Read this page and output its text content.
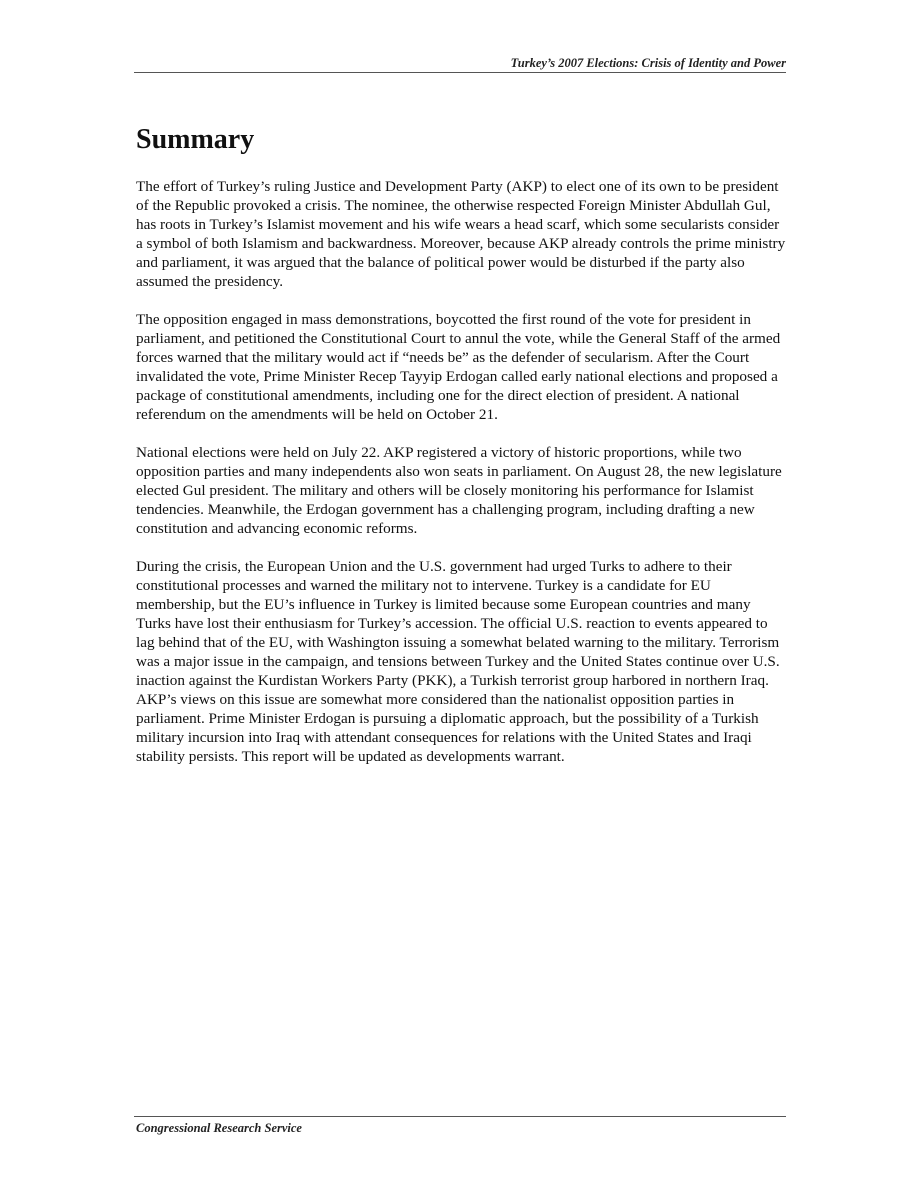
Turkey’s 2007 Elections: Crisis of Identity and Power
Summary

The effort of Turkey’s ruling Justice and Development Party (AKP) to elect one of its own to be president of the Republic provoked a crisis. The nominee, the otherwise respected Foreign Minister Abdullah Gul, has roots in Turkey’s Islamist movement and his wife wears a head scarf, which some secularists consider a symbol of both Islamism and backwardness. Moreover, because AKP already controls the prime ministry and parliament, it was argued that the balance of political power would be disturbed if the party also assumed the presidency.

The opposition engaged in mass demonstrations, boycotted the first round of the vote for president in parliament, and petitioned the Constitutional Court to annul the vote, while the General Staff of the armed forces warned that the military would act if “needs be” as the defender of secularism. After the Court invalidated the vote, Prime Minister Recep Tayyip Erdogan called early national elections and proposed a package of constitutional amendments, including one for the direct election of president. A national referendum on the amendments will be held on October 21.

National elections were held on July 22. AKP registered a victory of historic proportions, while two opposition parties and many independents also won seats in parliament. On August 28, the new legislature elected Gul president. The military and others will be closely monitoring his performance for Islamist tendencies. Meanwhile, the Erdogan government has a challenging program, including drafting a new constitution and advancing economic reforms.

During the crisis, the European Union and the U.S. government had urged Turks to adhere to their constitutional processes and warned the military not to intervene. Turkey is a candidate for EU membership, but the EU’s influence in Turkey is limited because some European countries and many Turks have lost their enthusiasm for Turkey’s accession. The official U.S. reaction to events appeared to lag behind that of the EU, with Washington issuing a somewhat belated warning to the military. Terrorism was a major issue in the campaign, and tensions between Turkey and the United States continue over U.S. inaction against the Kurdistan Workers Party (PKK), a Turkish terrorist group harbored in northern Iraq. AKP’s views on this issue are somewhat more considered than the nationalist opposition parties in parliament. Prime Minister Erdogan is pursuing a diplomatic approach, but the possibility of a Turkish military incursion into Iraq with attendant consequences for relations with the United States and Iraqi stability persists. This report will be updated as developments warrant.

Congressional Research Service
